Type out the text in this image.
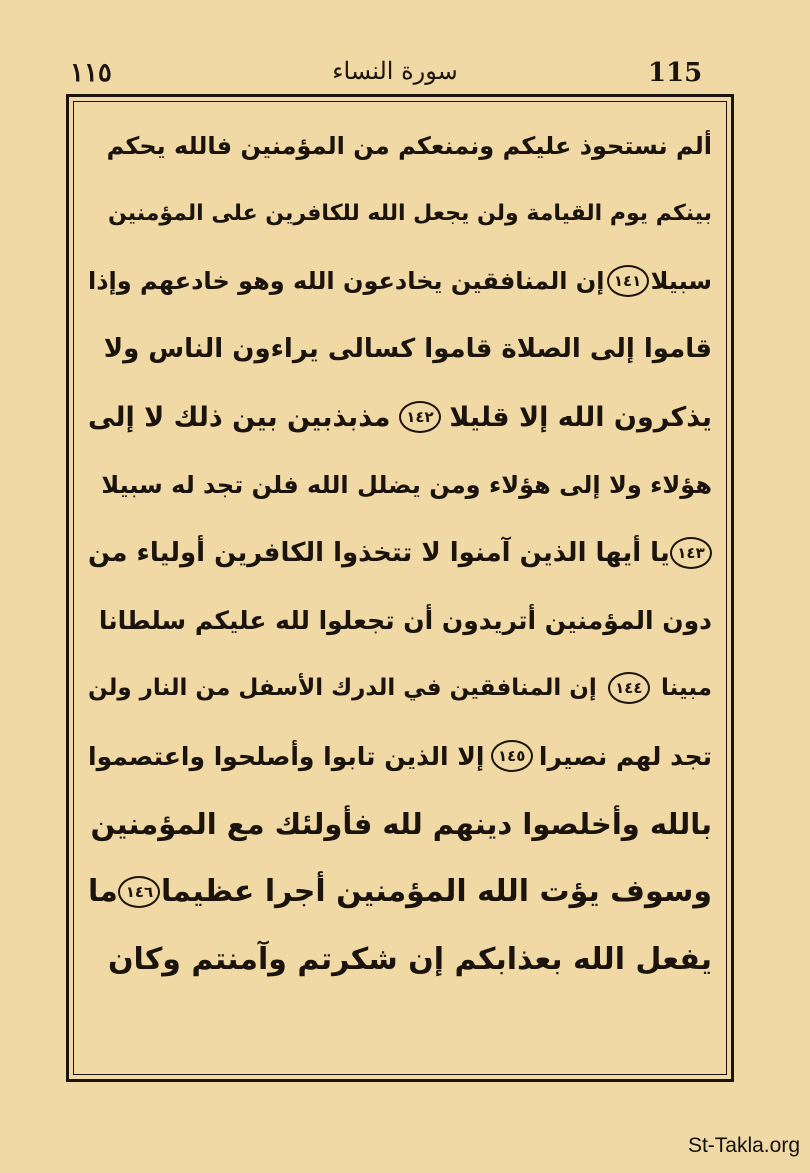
١١٥	سورة النساء	115
ألم نستحوذ عليكم ونمنعكم من المؤمنين فالله يحكم
بينكم يوم القيامة ولن يجعل الله للكافرين على المؤمنين
سبيلا
١٤١
إن المنافقين يخادعون الله وهو خادعهم وإذا
قاموا إلى الصلاة قاموا كسالى يراءون الناس ولا
يذكرون الله إلا قليلا
١٤٢
مذبذبين بين ذلك لا إلى
هؤلاء ولا إلى هؤلاء ومن يضلل الله فلن تجد له سبيلا
١٤٣
يا أيها الذين آمنوا لا تتخذوا الكافرين أولياء من
دون المؤمنين أتريدون أن تجعلوا لله عليكم سلطانا
مبينا
١٤٤
إن المنافقين في الدرك الأسفل من النار ولن
تجد لهم نصيرا
١٤٥
إلا الذين تابوا وأصلحوا واعتصموا
بالله وأخلصوا دينهم لله فأولئك مع المؤمنين
وسوف يؤت الله المؤمنين أجرا عظيما
١٤٦
ما
يفعل الله بعذابكم إن شكرتم وآمنتم وكان
St-Takla.org
